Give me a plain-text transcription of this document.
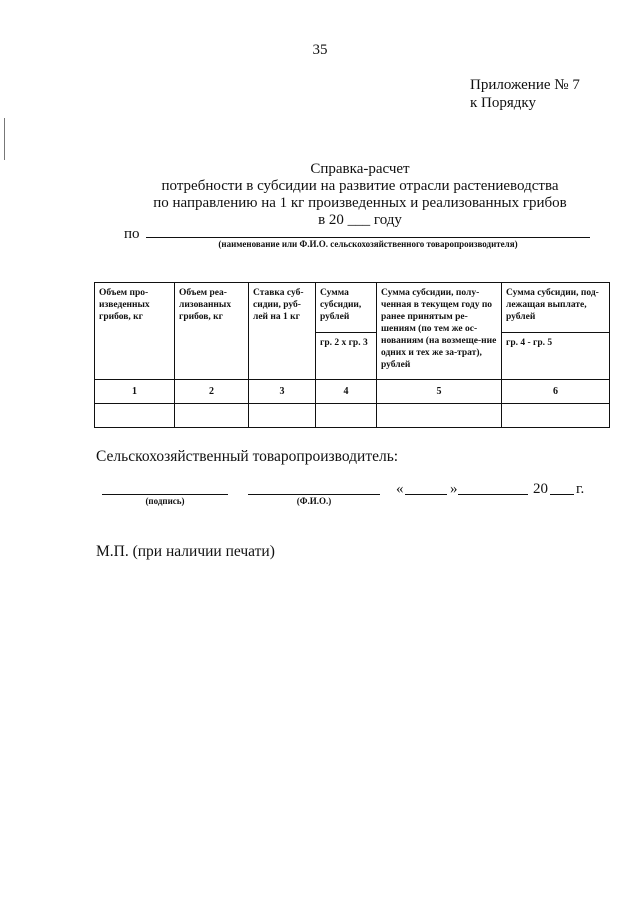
35
Приложение № 7
к Порядку
Справка-расчет
потребности в субсидии на развитие отрасли растениеводства
по направлению на 1 кг произведенных и реализованных грибов
в 20 ___ году
по
(наименование или Ф.И.О. сельскохозяйственного товаропроизводителя)
Объем про-изведенных грибов, кг	Объем реа-лизованных грибов, кг	Ставка суб-сидии, руб-лей на 1 кг	Сумма субсидии, рублей	Сумма субсидии, полу-ченная в текущем году по ранее принятым ре-шениям (по тем же ос-нованиям (на возмеще-ние одних и тех же за-трат), рублей	Сумма субсидии, под-лежащая выплате, рублей
			гр. 2 х гр. 3		гр. 4 - гр. 5
1	2	3	4	5	6

Сельскохозяйственный товаропроизводитель:
(подпись)	(Ф.И.О.)
«	»	20 г.
М.П. (при наличии печати)
